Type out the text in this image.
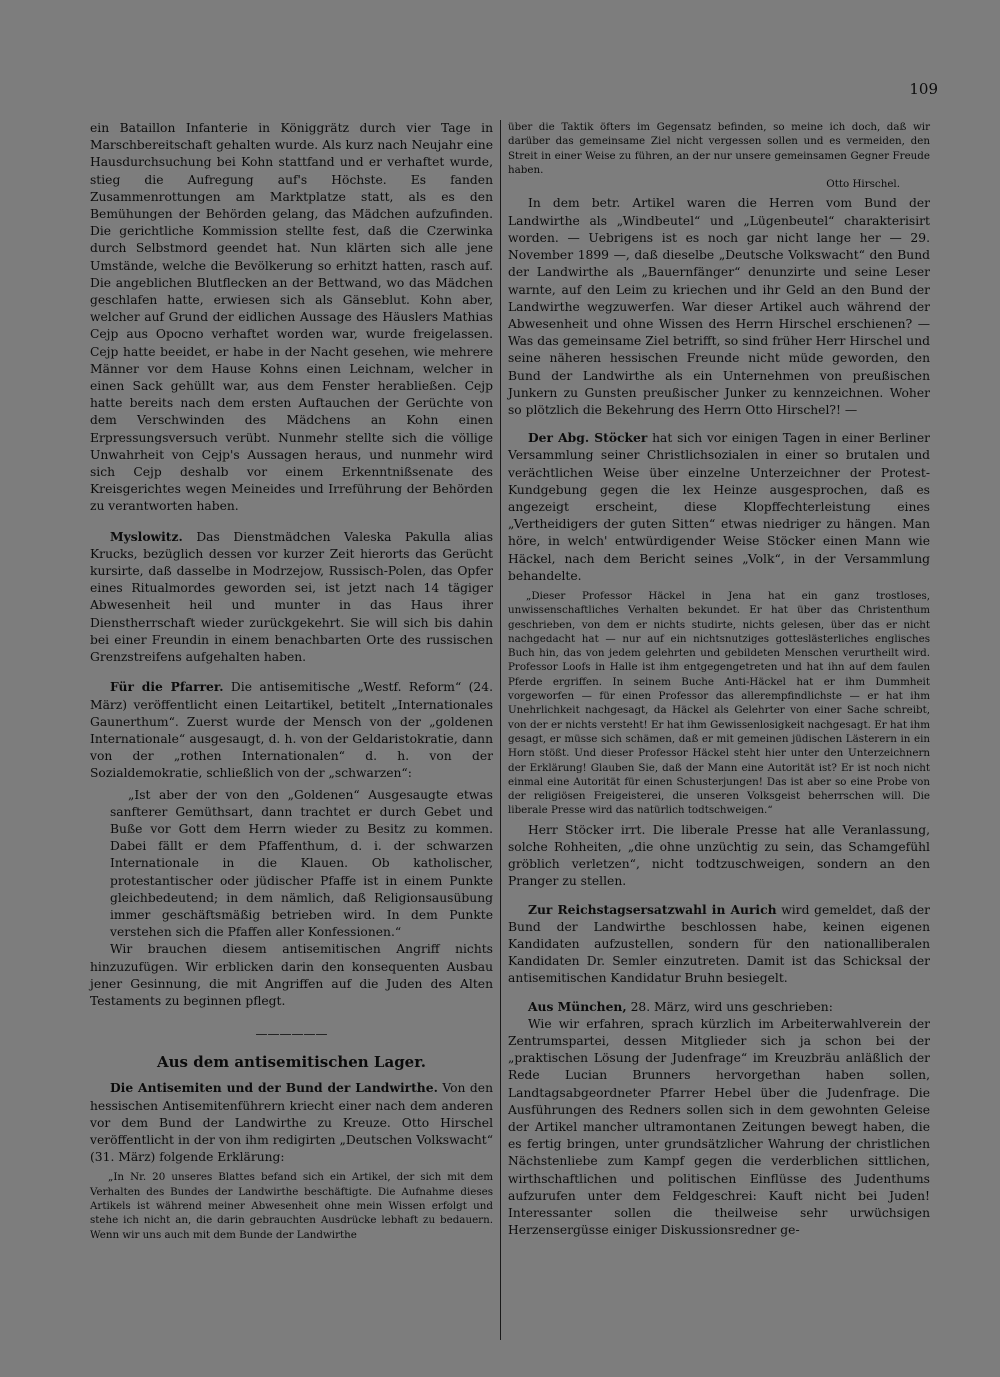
109

ein Bataillon Infanterie in Königgrätz durch vier Tage in Marschbereitschaft gehalten wurde. Als kurz nach Neujahr eine Hausdurchsuchung bei Kohn stattfand und er verhaftet wurde, stieg die Aufregung auf's Höchste. Es fanden Zusammenrottungen am Marktplatze statt, als es den Bemühungen der Behörden gelang, das Mädchen aufzufinden. Die gerichtliche Kommission stellte fest, daß die Czerwinka durch Selbstmord geendet hat. Nun klärten sich alle jene Umstände, welche die Bevölkerung so erhitzt hatten, rasch auf. Die angeblichen Blutflecken an der Bettwand, wo das Mädchen geschlafen hatte, erwiesen sich als Gänseblut. Kohn aber, welcher auf Grund der eidlichen Aussage des Häuslers Mathias Cejp aus Opocno verhaftet worden war, wurde freigelassen. Cejp hatte beeidet, er habe in der Nacht gesehen, wie mehrere Männer vor dem Hause Kohns einen Leichnam, welcher in einen Sack gehüllt war, aus dem Fenster herabließen. Cejp hatte bereits nach dem ersten Auftauchen der Gerüchte von dem Verschwinden des Mädchens an Kohn einen Erpressungsversuch verübt. Nunmehr stellte sich die völlige Unwahrheit von Cejp's Aussagen heraus, und nunmehr wird sich Cejp deshalb vor einem Erkenntnißsenate des Kreisgerichtes wegen Meineides und Irreführung der Behörden zu verantworten haben.

Myslowitz. Das Dienstmädchen Valeska Pakulla alias Krucks, bezüglich dessen vor kurzer Zeit hierorts das Gerücht kursirte, daß dasselbe in Modrzejow, Russisch-Polen, das Opfer eines Ritualmordes geworden sei, ist jetzt nach 14 tägiger Abwesenheit heil und munter in das Haus ihrer Dienstherrschaft wieder zurückgekehrt. Sie will sich bis dahin bei einer Freundin in einem benachbarten Orte des russischen Grenzstreifens aufgehalten haben.

Für die Pfarrer. Die antisemitische „Westf. Reform“ (24. März) veröffentlicht einen Leitartikel, betitelt „Internationales Gaunerthum“. Zuerst wurde der Mensch von der „goldenen Internationale“ ausgesaugt, d. h. von der Geldaristokratie, dann von der „rothen Internationalen“ d. h. von der Sozialdemokratie, schließlich von der „schwarzen“:

„Ist aber der von den „Goldenen“ Ausgesaugte etwas sanfterer Gemüthsart, dann trachtet er durch Gebet und Buße vor Gott dem Herrn wieder zu Besitz zu kommen. Dabei fällt er dem Pfaffenthum, d. i. der schwarzen Internationale in die Klauen. Ob katholischer, protestantischer oder jüdischer Pfaffe ist in einem Punkte gleichbedeutend; in dem nämlich, daß Religionsausübung immer geschäftsmäßig betrieben wird. In dem Punkte verstehen sich die Pfaffen aller Konfessionen.“

Wir brauchen diesem antisemitischen Angriff nichts hinzuzufügen. Wir erblicken darin den konsequenten Ausbau jener Gesinnung, die mit Angriffen auf die Juden des Alten Testaments zu beginnen pflegt.

——————
Aus dem antisemitischen Lager.

Die Antisemiten und der Bund der Landwirthe. Von den hessischen Antisemitenführern kriecht einer nach dem anderen vor dem Bund der Landwirthe zu Kreuze. Otto Hirschel veröffentlicht in der von ihm redigirten „Deutschen Volkswacht“ (31. März) folgende Erklärung:

„In Nr. 20 unseres Blattes befand sich ein Artikel, der sich mit dem Verhalten des Bundes der Landwirthe beschäftigte. Die Aufnahme dieses Artikels ist während meiner Abwesenheit ohne mein Wissen erfolgt und stehe ich nicht an, die darin gebrauchten Ausdrücke lebhaft zu bedauern. Wenn wir uns auch mit dem Bunde der Landwirthe

über die Taktik öfters im Gegensatz befinden, so meine ich doch, daß wir darüber das gemeinsame Ziel nicht vergessen sollen und es vermeiden, den Streit in einer Weise zu führen, an der nur unsere gemeinsamen Gegner Freude haben.

Otto Hirschel.

In dem betr. Artikel waren die Herren vom Bund der Landwirthe als „Windbeutel“ und „Lügenbeutel“ charakterisirt worden. — Uebrigens ist es noch gar nicht lange her — 29. November 1899 —, daß dieselbe „Deutsche Volkswacht“ den Bund der Landwirthe als „Bauernfänger“ denunzirte und seine Leser warnte, auf den Leim zu kriechen und ihr Geld an den Bund der Landwirthe wegzuwerfen. War dieser Artikel auch während der Abwesenheit und ohne Wissen des Herrn Hirschel erschienen? — Was das gemeinsame Ziel betrifft, so sind früher Herr Hirschel und seine näheren hessischen Freunde nicht müde geworden, den Bund der Landwirthe als ein Unternehmen von preußischen Junkern zu Gunsten preußischer Junker zu kennzeichnen. Woher so plötzlich die Bekehrung des Herrn Otto Hirschel?! —

Der Abg. Stöcker hat sich vor einigen Tagen in einer Berliner Versammlung seiner Christlichsozialen in einer so brutalen und verächtlichen Weise über einzelne Unterzeichner der Protest-Kundgebung gegen die lex Heinze ausgesprochen, daß es angezeigt erscheint, diese Klopffechterleistung eines „Vertheidigers der guten Sitten“ etwas niedriger zu hängen. Man höre, in welch' entwürdigender Weise Stöcker einen Mann wie Häckel, nach dem Bericht seines „Volk“, in der Versammlung behandelte.

„Dieser Professor Häckel in Jena hat ein ganz trostloses, unwissenschaftliches Verhalten bekundet. Er hat über das Christenthum geschrieben, von dem er nichts studirte, nichts gelesen, über das er nicht nachgedacht hat — nur auf ein nichtsnutziges gotteslästerliches englisches Buch hin, das von jedem gelehrten und gebildeten Menschen verurtheilt wird. Professor Loofs in Halle ist ihm entgegengetreten und hat ihn auf dem faulen Pferde ergriffen. In seinem Buche Anti-Häckel hat er ihm Dummheit vorgeworfen — für einen Professor das allerempfindlichste — er hat ihm Unehrlichkeit nachgesagt, da Häckel als Gelehrter von einer Sache schreibt, von der er nichts versteht! Er hat ihm Gewissenlosigkeit nachgesagt. Er hat ihm gesagt, er müsse sich schämen, daß er mit gemeinen jüdischen Lästerern in ein Horn stößt. Und dieser Professor Häckel steht hier unter den Unterzeichnern der Erklärung! Glauben Sie, daß der Mann eine Autorität ist? Er ist noch nicht einmal eine Autorität für einen Schusterjungen! Das ist aber so eine Probe von der religiösen Freigeisterei, die unseren Volksgeist beherrschen will. Die liberale Presse wird das natürlich todtschweigen.“

Herr Stöcker irrt. Die liberale Presse hat alle Veranlassung, solche Rohheiten, „die ohne unzüchtig zu sein, das Schamgefühl gröblich verletzen“, nicht todtzuschweigen, sondern an den Pranger zu stellen.

Zur Reichstagsersatzwahl in Aurich wird gemeldet, daß der Bund der Landwirthe beschlossen habe, keinen eigenen Kandidaten aufzustellen, sondern für den nationalliberalen Kandidaten Dr. Semler einzutreten. Damit ist das Schicksal der antisemitischen Kandidatur Bruhn besiegelt.

Aus München, 28. März, wird uns geschrieben:

Wie wir erfahren, sprach kürzlich im Arbeiterwahlverein der Zentrumspartei, dessen Mitglieder sich ja schon bei der „praktischen Lösung der Judenfrage“ im Kreuzbräu anläßlich der Rede Lucian Brunners hervorgethan haben sollen, Landtagsabgeordneter Pfarrer Hebel über die Judenfrage. Die Ausführungen des Redners sollen sich in dem gewohnten Geleise der Artikel mancher ultramontanen Zeitungen bewegt haben, die es fertig bringen, unter grundsätzlicher Wahrung der christlichen Nächstenliebe zum Kampf gegen die verderblichen sittlichen, wirthschaftlichen und politischen Einflüsse des Judenthums aufzurufen unter dem Feldgeschrei: Kauft nicht bei Juden! Interessanter sollen die theilweise sehr urwüchsigen Herzensergüsse einiger Diskussionsredner ge-
